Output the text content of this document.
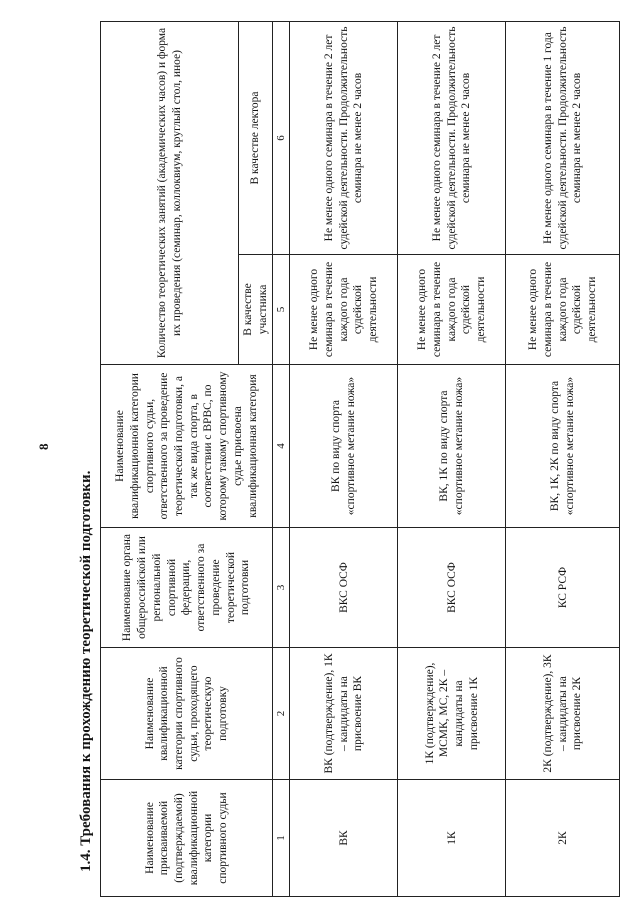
8
1.4. Требования к прохождению теоретической подготовки.	Наименование присваиваемой (подтверждаемой) квалификационной категории спортивного судьи	Наименование квалификационной категории спортивного судьи, проходящего теоретическую подготовку	Наименование органа общероссийской или региональной спортивной федерации, ответственного за проведение теоретической подготовки	Наименование квалификационной категории спортивного судьи, ответственного за проведение теоретической подготовки, а так же вида спорта, в соответствии с ВРВС, по которому такому спортивному судье присвоена квалификационная категория	Количество теоретических занятий (академических часов) и форма их проведения (семинар, коллоквиум, круглый стол, иное)	
				В качестве участника	В качестве лектора
1	2	3	4	5	6
ВК	ВК (подтверждение), 1К – кандидаты на присвоение ВК	ВКС ОСФ	ВК по виду спорта «спортивное метание ножа»	Не менее одного семинара в течение каждого года судейской деятельности	Не менее одного семинара в течение 2 лет судейской деятельности. Продолжительность семинара не менее 2 часов
1К	1К (подтверждение), МСМК, МС, 2К – кандидаты на присвоение 1К	ВКС ОСФ	ВК, 1К по виду спорта «спортивное метание ножа»	Не менее одного семинара в течение каждого года судейской деятельности	Не менее одного семинара в течение 2 лет судейской деятельности. Продолжительность семинара не менее 2 часов
2К	2К (подтверждение), 3К – кандидаты на присвоение 2К	КС РСФ	ВК, 1К, 2К по виду спорта «спортивное метание ножа»	Не менее одного семинара в течение каждого года судейской деятельности	Не менее одного семинара в течение 1 года судейской деятельности. Продолжительность семинара не менее 2 часов
